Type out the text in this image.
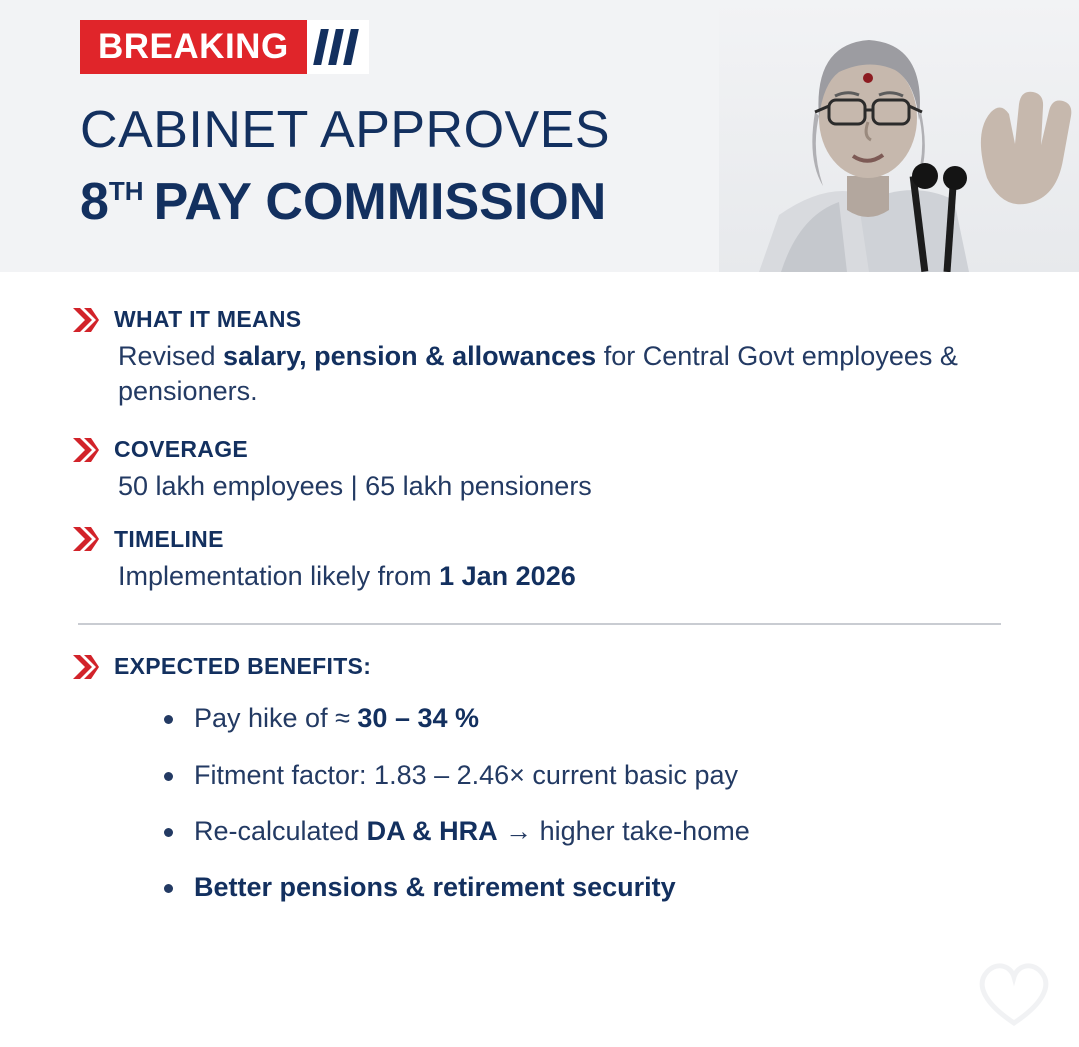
BREAKING
CABINET APPROVES
8 TH PAY COMMISSION
WHAT IT MEANS
Revised salary, pension & allowances for Central Govt employees & pensioners.
COVERAGE
50 lakh employees | 65 lakh pensioners
TIMELINE
Implementation likely from 1 Jan 2026
EXPECTED BENEFITS:
Pay hike of ≈ 30 – 34 %
Fitment factor: 1.83 – 2.46× current basic pay
Re-calculated DA & HRA → higher take-home
Better pensions & retirement security
